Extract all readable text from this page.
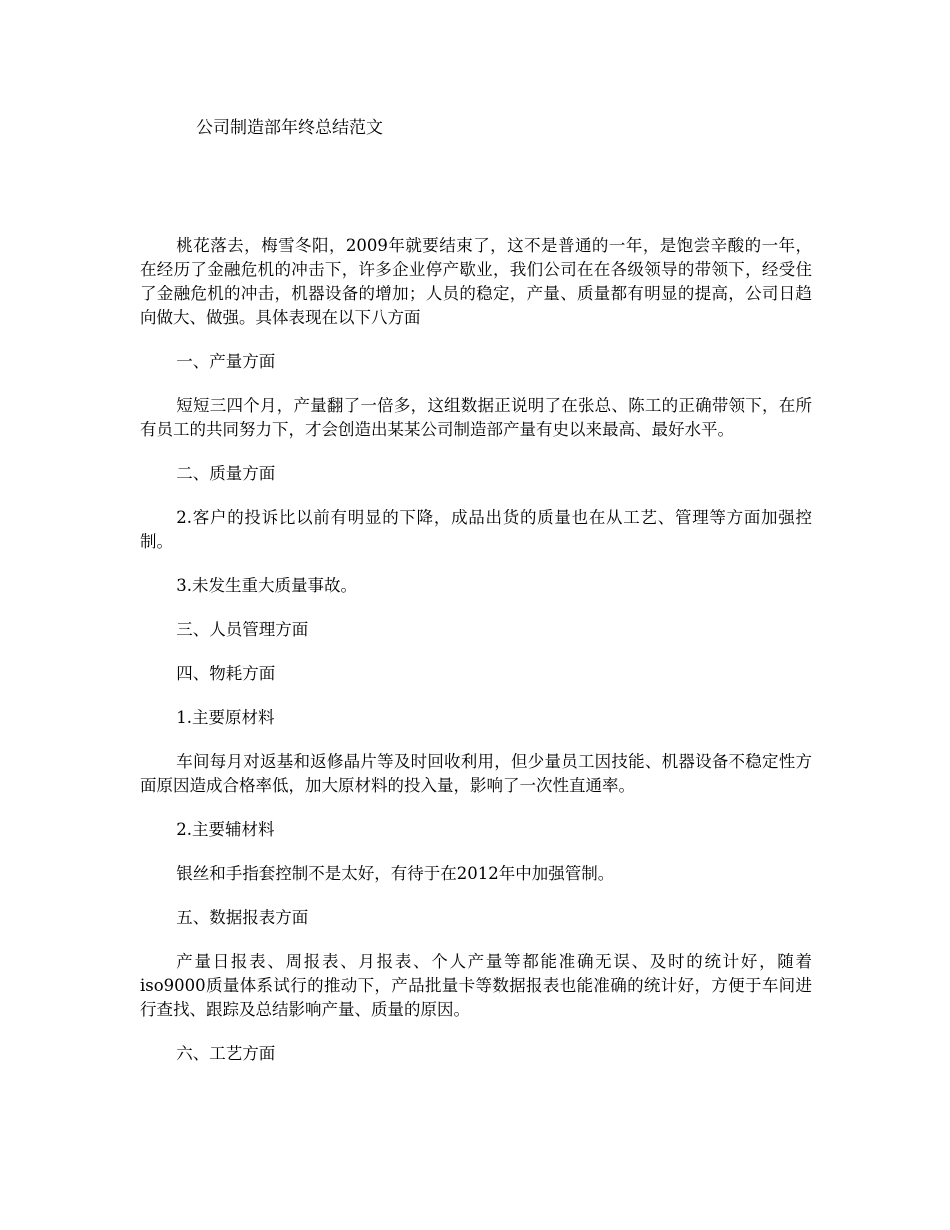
公司制造部年终总结范文

桃花落去，梅雪冬阳，2009年就要结束了，这不是普通的一年，是饱尝辛酸的一年，在经历了金融危机的冲击下，许多企业停产歇业，我们公司在在各级领导的带领下，经受住了金融危机的冲击，机器设备的增加；人员的稳定，产量、质量都有明显的提高，公司日趋向做大、做强。具体表现在以下八方面

一、产量方面

短短三四个月，产量翻了一倍多，这组数据正说明了在张总、陈工的正确带领下，在所有员工的共同努力下，才会创造出某某公司制造部产量有史以来最高、最好水平。

二、质量方面

2.客户的投诉比以前有明显的下降，成品出货的质量也在从工艺、管理等方面加强控制。

3.未发生重大质量事故。

三、人员管理方面

四、物耗方面

1.主要原材料

车间每月对返基和返修晶片等及时回收利用，但少量员工因技能、机器设备不稳定性方面原因造成合格率低，加大原材料的投入量，影响了一次性直通率。

2.主要辅材料

银丝和手指套控制不是太好，有待于在2012年中加强管制。

五、数据报表方面

产量日报表、周报表、月报表、个人产量等都能准确无误、及时的统计好，随着iso9000质量体系试行的推动下，产品批量卡等数据报表也能准确的统计好，方便于车间进行查找、跟踪及总结影响产量、质量的原因。

六、工艺方面
